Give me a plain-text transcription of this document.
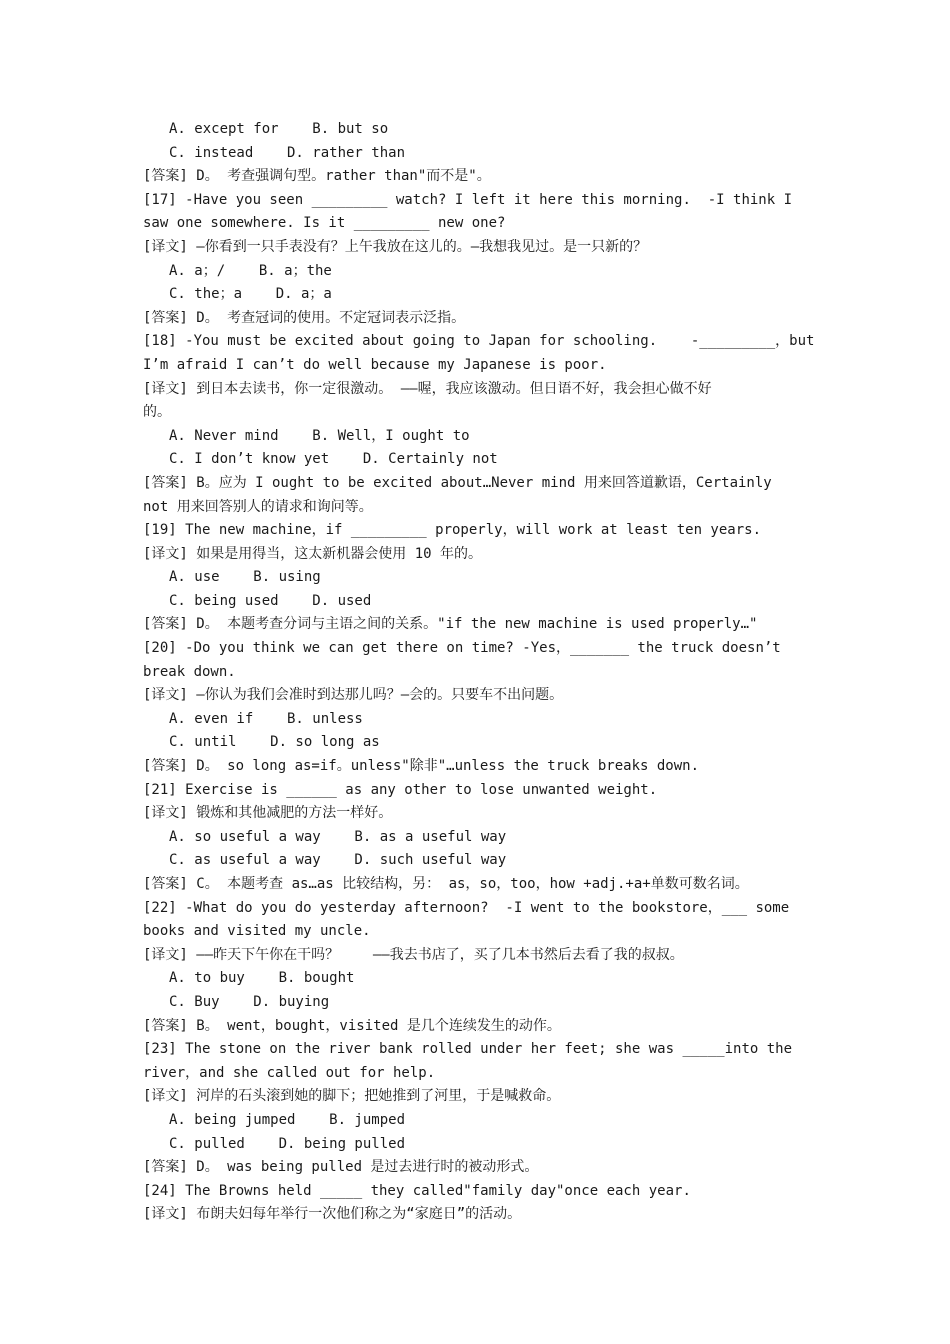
A. except for    B. but so
C. instead    D. rather than
[答案] D。 考查强调句型。rather than"而不是"。
[17] -Have you seen _________ watch? I left it here this morning.  -I think I
saw one somewhere. Is it _________ new one?
[译文] —你看到一只手表没有？上午我放在这儿的。—我想我见过。是一只新的？
A. a；/    B. a；the
C. the；a    D. a；a
[答案] D。 考查冠词的使用。不定冠词表示泛指。
[18] -You must be excited about going to Japan for schooling.    -_________，but
I’m afraid I can’t do well because my Japanese is poor.
[译文] 到日本去读书，你一定很激动。 ——喔，我应该激动。但日语不好，我会担心做不好
的。
A. Never mind    B. Well，I ought to
C. I don’t know yet    D. Certainly not
[答案] B。应为 I ought to be excited about…Never mind 用来回答道歉语，Certainly
not 用来回答别人的请求和询问等。
[19] The new machine，if _________ properly，will work at least ten years.
[译文] 如果是用得当，这太新机器会使用 10 年的。
A. use    B. using
C. being used    D. used
[答案] D。 本题考查分词与主语之间的关系。"if the new machine is used properly…"
[20] -Do you think we can get there on time? -Yes，_______ the truck doesn’t
break down.
[译文] —你认为我们会准时到达那儿吗？—会的。只要车不出问题。
A. even if    B. unless
C. until    D. so long as
[答案] D。 so long as=if。unless"除非"…unless the truck breaks down.
[21] Exercise is ______ as any other to lose unwanted weight.
[译文] 锻炼和其他减肥的方法一样好。
A. so useful a way    B. as a useful way
C. as useful a way    D. such useful way
[答案] C。 本题考查 as…as 比较结构，另： as，so，too，how +adj.+a+单数可数名词。
[22] -What do you do yesterday afternoon?  -I went to the bookstore，___ some
books and visited my uncle.
[译文] ——昨天下午你在干吗？    ——我去书店了，买了几本书然后去看了我的叔叔。
A. to buy    B. bought
C. Buy    D. buying
[答案] B。 went，bought，visited 是几个连续发生的动作。
[23] The stone on the river bank rolled under her feet; she was _____into the
river，and she called out for help.
[译文] 河岸的石头滚到她的脚下；把她推到了河里，于是喊救命。
A. being jumped    B. jumped
C. pulled    D. being pulled
[答案] D。 was being pulled 是过去进行时的被动形式。
[24] The Browns held _____ they called"family day"once each year.
[译文] 布朗夫妇每年举行一次他们称之为“家庭日”的活动。
